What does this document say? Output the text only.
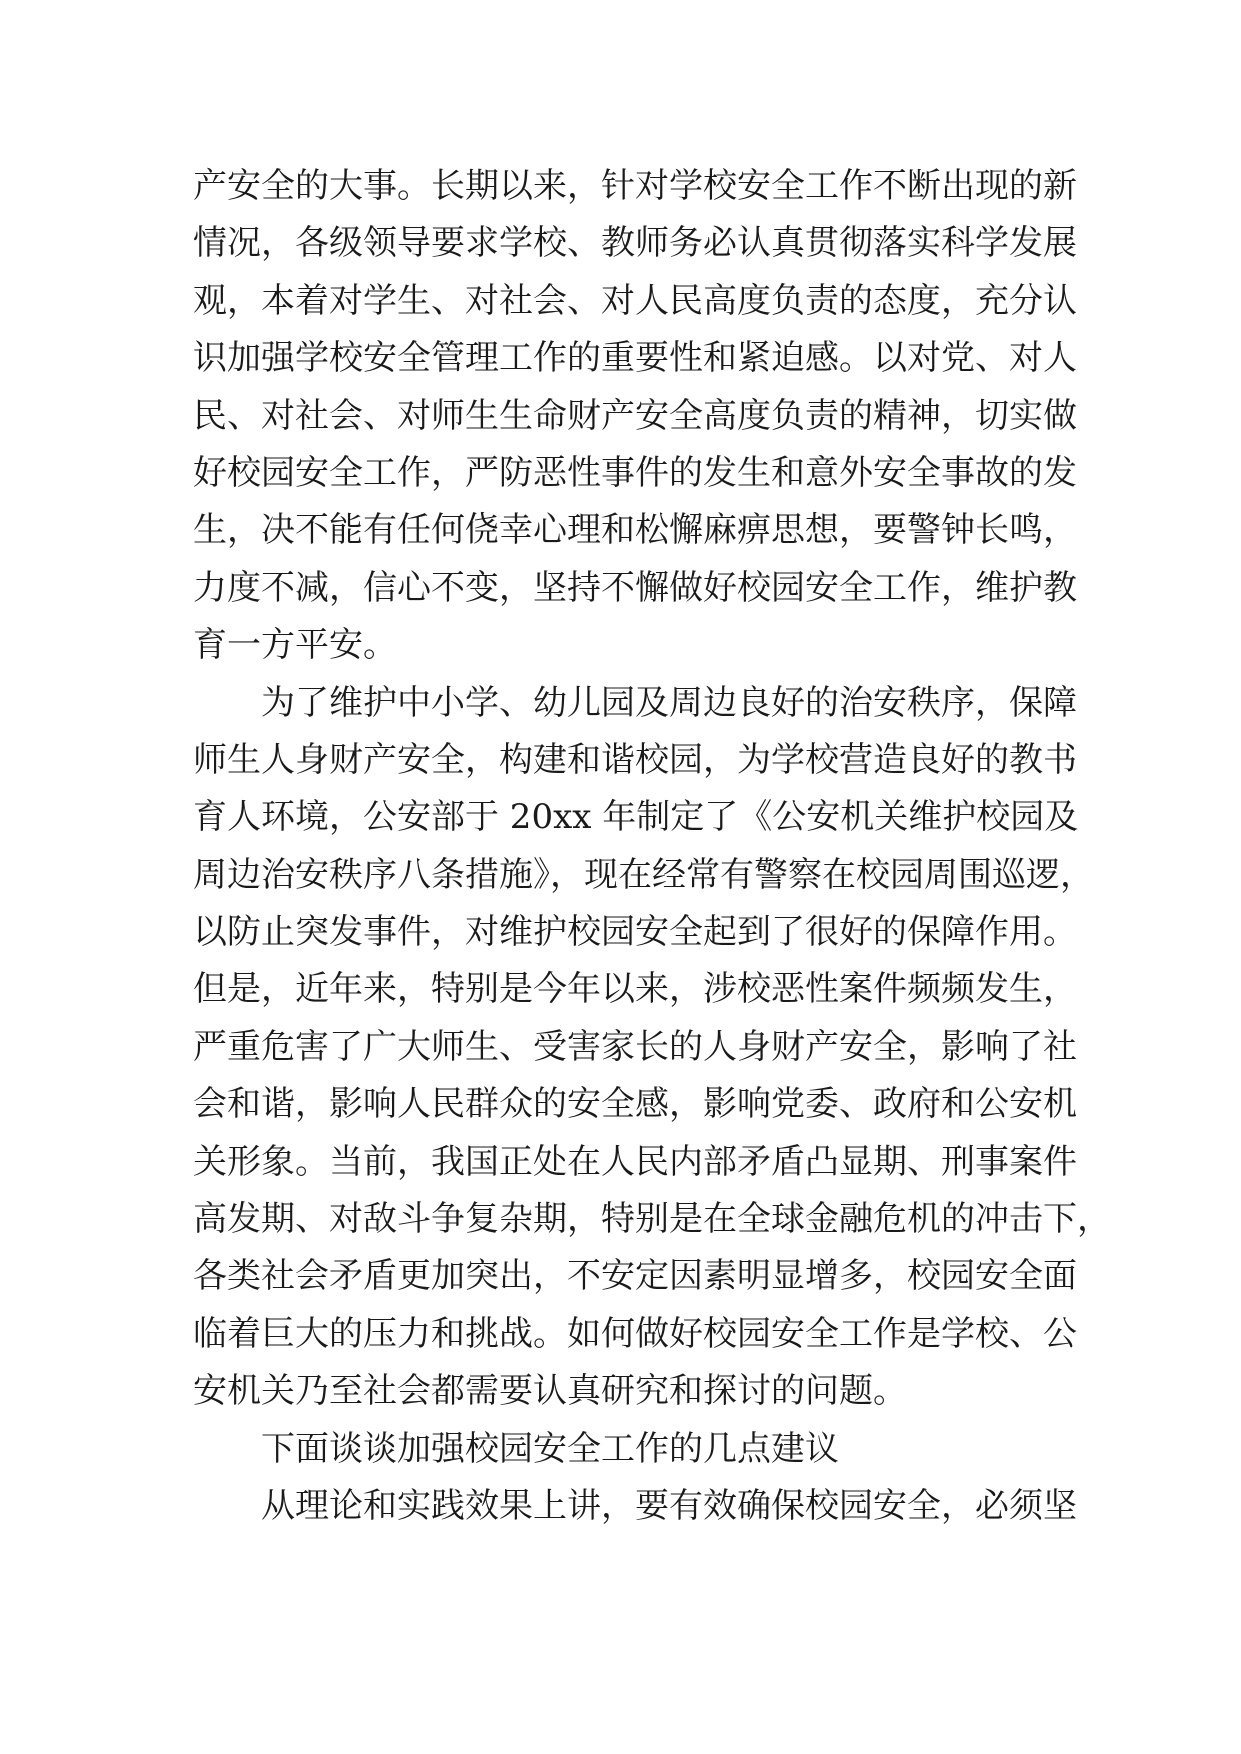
产安全的大事。长期以来，针对学校安全工作不断出现的新
情况，各级领导要求学校、教师务必认真贯彻落实科学发展
观，本着对学生、对社会、对人民高度负责的态度，充分认
识加强学校安全管理工作的重要性和紧迫感。以对党、对人
民、对社会、对师生生命财产安全高度负责的精神，切实做
好校园安全工作，严防恶性事件的发生和意外安全事故的发
生，决不能有任何侥幸心理和松懈麻痹思想，要警钟长鸣，
力度不减，信心不变，坚持不懈做好校园安全工作，维护教
育一方平安。
为了维护中小学、幼儿园及周边良好的治安秩序，保障
师生人身财产安全，构建和谐校园，为学校营造良好的教书
育人环境，公安部于 20xx 年制定了《公安机关维护校园及
周边治安秩序八条措施》，现在经常有警察在校园周围巡逻，
以防止突发事件，对维护校园安全起到了很好的保障作用。
但是，近年来，特别是今年以来，涉校恶性案件频频发生，
严重危害了广大师生、受害家长的人身财产安全，影响了社
会和谐，影响人民群众的安全感，影响党委、政府和公安机
关形象。当前，我国正处在人民内部矛盾凸显期、刑事案件
高发期、对敌斗争复杂期，特别是在全球金融危机的冲击下，
各类社会矛盾更加突出，不安定因素明显增多，校园安全面
临着巨大的压力和挑战。如何做好校园安全工作是学校、公
安机关乃至社会都需要认真研究和探讨的问题。
下面谈谈加强校园安全工作的几点建议
从理论和实践效果上讲，要有效确保校园安全，必须坚
